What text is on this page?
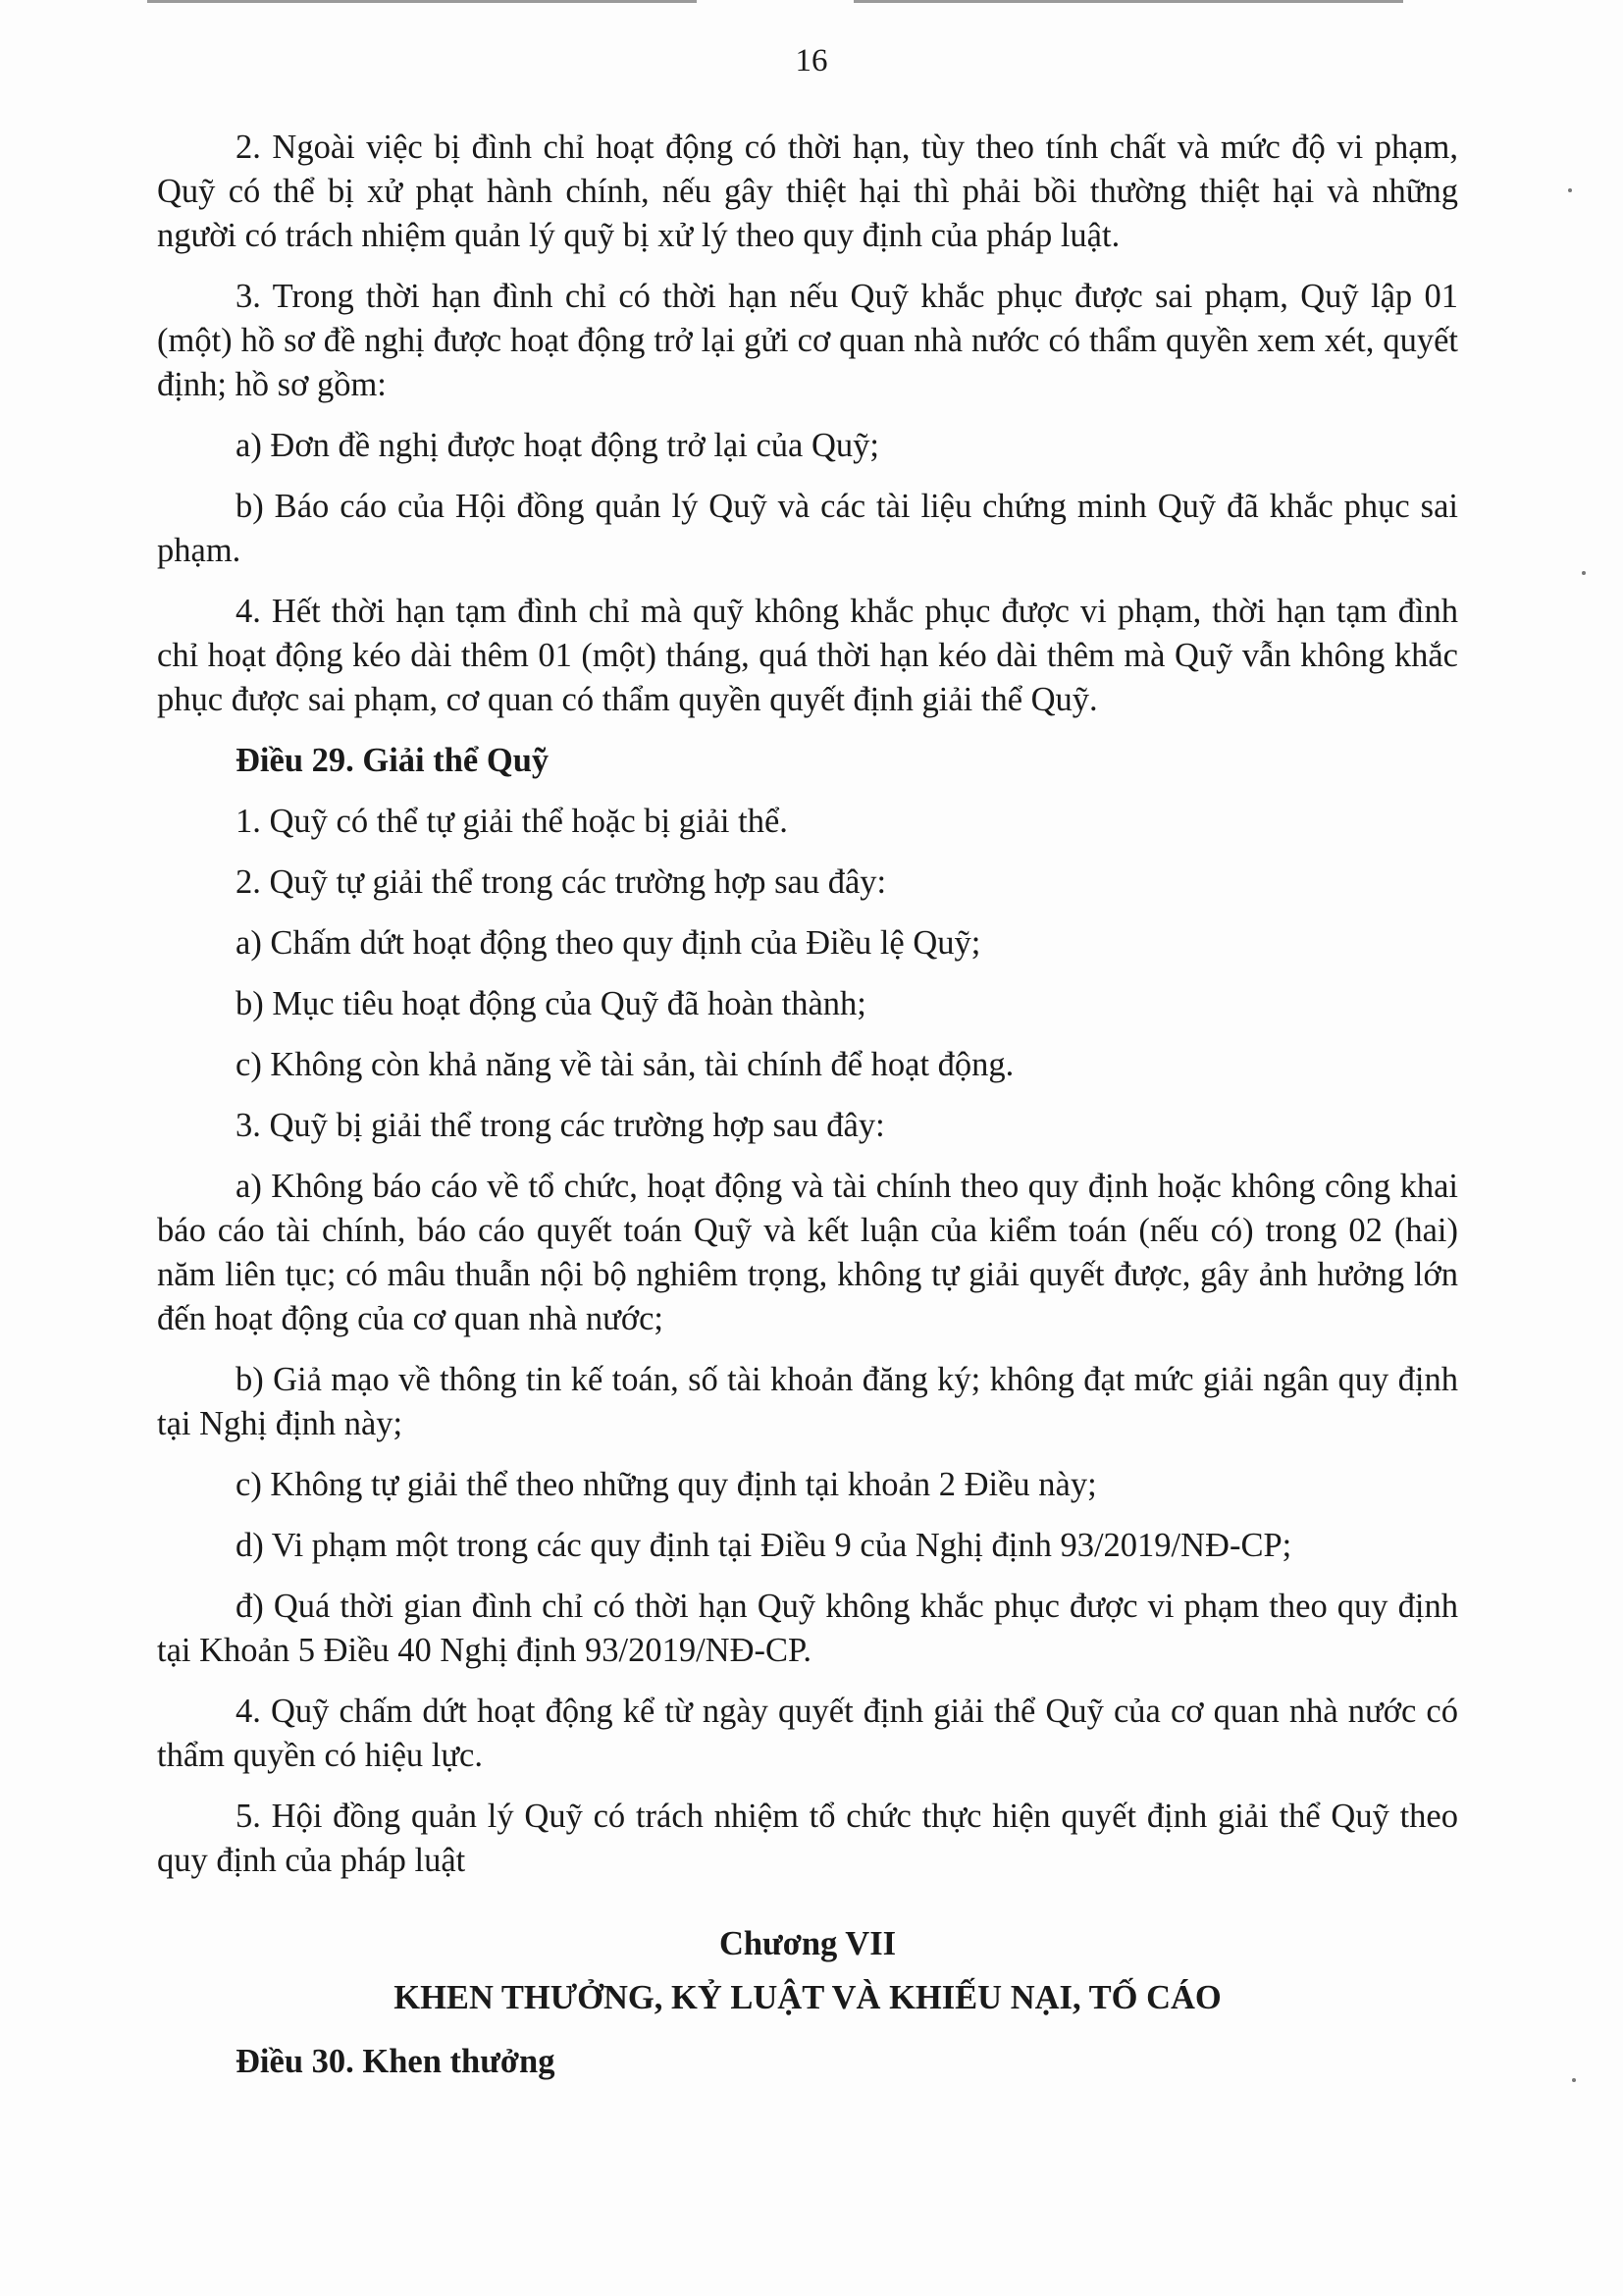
16

2. Ngoài việc bị đình chỉ hoạt động có thời hạn, tùy theo tính chất và mức độ vi phạm, Quỹ có thể bị xử phạt hành chính, nếu gây thiệt hại thì phải bồi thường thiệt hại và những người có trách nhiệm quản lý quỹ bị xử lý theo quy định của pháp luật.

3. Trong thời hạn đình chỉ có thời hạn nếu Quỹ khắc phục được sai phạm, Quỹ lập 01 (một) hồ sơ đề nghị được hoạt động trở lại gửi cơ quan nhà nước có thẩm quyền xem xét, quyết định; hồ sơ gồm:

a) Đơn đề nghị được hoạt động trở lại của Quỹ;

b) Báo cáo của Hội đồng quản lý Quỹ và các tài liệu chứng minh Quỹ đã khắc phục sai phạm.

4. Hết thời hạn tạm đình chỉ mà quỹ không khắc phục được vi phạm, thời hạn tạm đình chỉ hoạt động kéo dài thêm 01 (một) tháng, quá thời hạn kéo dài thêm mà Quỹ vẫn không khắc phục được sai phạm, cơ quan có thẩm quyền quyết định giải thể Quỹ.

Điều 29. Giải thể Quỹ

1. Quỹ có thể tự giải thể hoặc bị giải thể.

2. Quỹ tự giải thể trong các trường hợp sau đây:

a) Chấm dứt hoạt động theo quy định của Điều lệ Quỹ;

b) Mục tiêu hoạt động của Quỹ đã hoàn thành;

c) Không còn khả năng về tài sản, tài chính để hoạt động.

3. Quỹ bị giải thể trong các trường hợp sau đây:

a) Không báo cáo về tổ chức, hoạt động và tài chính theo quy định hoặc không công khai báo cáo tài chính, báo cáo quyết toán Quỹ và kết luận của kiểm toán (nếu có) trong 02 (hai) năm liên tục; có mâu thuẫn nội bộ nghiêm trọng, không tự giải quyết được, gây ảnh hưởng lớn đến hoạt động của cơ quan nhà nước;

b) Giả mạo về thông tin kế toán, số tài khoản đăng ký; không đạt mức giải ngân quy định tại Nghị định này;

c) Không tự giải thể theo những quy định tại khoản 2 Điều này;

d) Vi phạm một trong các quy định tại Điều 9 của Nghị định 93/2019/NĐ-CP;

đ) Quá thời gian đình chỉ có thời hạn Quỹ không khắc phục được vi phạm theo quy định tại Khoản 5 Điều 40 Nghị định 93/2019/NĐ-CP.

4. Quỹ chấm dứt hoạt động kể từ ngày quyết định giải thể Quỹ của cơ quan nhà nước có thẩm quyền có hiệu lực.

5. Hội đồng quản lý Quỹ có trách nhiệm tổ chức thực hiện quyết định giải thể Quỹ theo quy định của pháp luật

Chương VII

KHEN THƯỞNG, KỶ LUẬT VÀ KHIẾU NẠI, TỐ CÁO

Điều 30. Khen thưởng
